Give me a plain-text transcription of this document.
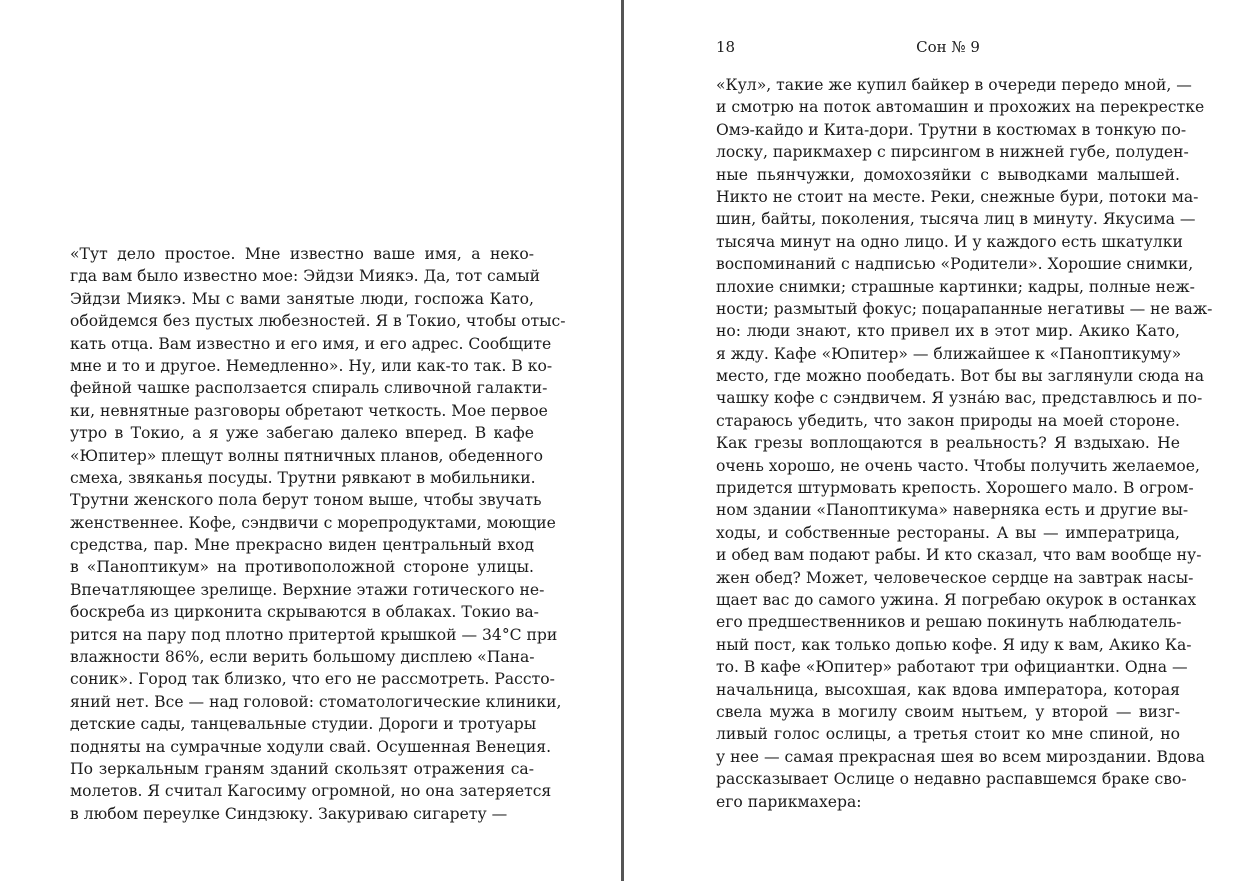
«Тут дело простое. Мне известно ваше имя, а неко-
гда вам было известно мое: Эйдзи Миякэ. Да, тот самый
Эйдзи Миякэ. Мы с вами занятые люди, госпожа Като,
обойдемся без пустых любезностей. Я в Токио, чтобы отыс-
кать отца. Вам известно и его имя, и его адрес. Сообщите
мне и то и другое. Немедленно». Ну, или как-то так. В ко-
фейной чашке расползается спираль сливочной галакти-
ки, невнятные разговоры обретают четкость. Мое первое
утро в Токио, а я уже забегаю далеко вперед. В кафе
«Юпитер» плещут волны пятничных планов, обеденного
смеха, звяканья посуды. Трутни рявкают в мобильники.
Трутни женского пола берут тоном выше, чтобы звучать
женственнее. Кофе, сэндвичи с морепродуктами, моющие
средства, пар. Мне прекрасно виден центральный вход
в «Паноптикум» на противоположной стороне улицы.
Впечатляющее зрелище. Верхние этажи готического не-
боскреба из цирконита скрываются в облаках. Токио ва-
рится на пару под плотно притертой крышкой — 34°C при
влажности 86%, если верить большому дисплею «Пана-
соник». Город так близко, что его не рассмотреть. Рассто-
яний нет. Все — над головой: стоматологические клиники,
детские сады, танцевальные студии. Дороги и тротуары
подняты на сумрачные ходули свай. Осушенная Венеция.
По зеркальным граням зданий скользят отражения са-
молетов. Я считал Кагосиму огромной, но она затеряется
в любом переулке Синдзюку. Закуриваю сигарету —
18	Сон № 9
«Кул», такие же купил байкер в очереди передо мной, —
и смотрю на поток автомашин и прохожих на перекрестке
Омэ-кайдо и Кита-дори. Трутни в костюмах в тонкую по-
лоску, парикмахер с пирсингом в нижней губе, полуден-
ные пьянчужки, домохозяйки с выводками малышей.
Никто не стоит на месте. Реки, снежные бури, потоки ма-
шин, байты, поколения, тысяча лиц в минуту. Якусима —
тысяча минут на одно лицо. И у каждого есть шкатулки
воспоминаний с надписью «Родители». Хорошие снимки,
плохие снимки; страшные картинки; кадры, полные неж-
ности; размытый фокус; поцарапанные негативы — не важ-
но: люди знают, кто привел их в этот мир. Акико Като,
я жду. Кафе «Юпитер» — ближайшее к «Паноптикуму»
место, где можно пообедать. Вот бы вы заглянули сюда на
чашку кофе с сэндвичем. Я узнáю вас, представлюсь и по-
стараюсь убедить, что закон природы на моей стороне.
Как грезы воплощаются в реальность? Я вздыхаю. Не
очень хорошо, не очень часто. Чтобы получить желаемое,
придется штурмовать крепость. Хорошего мало. В огром-
ном здании «Паноптикума» наверняка есть и другие вы-
ходы, и собственные рестораны. А вы — императрица,
и обед вам подают рабы. И кто сказал, что вам вообще ну-
жен обед? Может, человеческое сердце на завтрак насы-
щает вас до самого ужина. Я погребаю окурок в останках
его предшественников и решаю покинуть наблюдатель-
ный пост, как только допью кофе. Я иду к вам, Акико Ка-
то. В кафе «Юпитер» работают три официантки. Одна —
начальница, высохшая, как вдова императора, которая
свела мужа в могилу своим нытьем, у второй — визг-
ливый голос ослицы, а третья стоит ко мне спиной, но
у нее — самая прекрасная шея во всем мироздании. Вдова
рассказывает Ослице о недавно распавшемся браке сво-
его парикмахера:
